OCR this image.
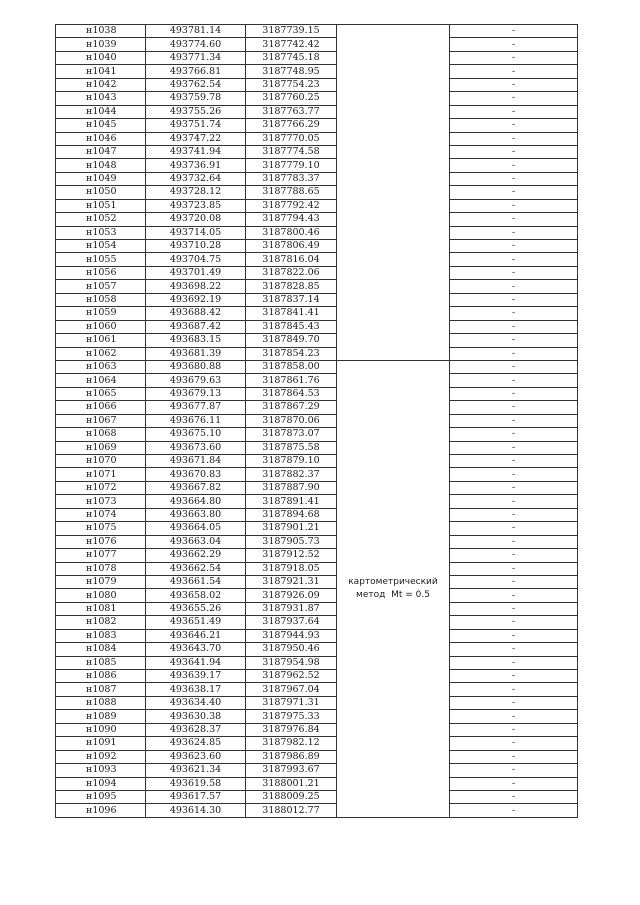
н1038	493781.14	3187739.15		-
н1039	493774.60	3187742.42		-
н1040	493771.34	3187745.18		-
н1041	493766.81	3187748.95		-
н1042	493762.54	3187754.23		-
н1043	493759.78	3187760.25		-
н1044	493755.26	3187763.77		-
н1045	493751.74	3187766.29		-
н1046	493747.22	3187770.05		-
н1047	493741.94	3187774.58		-
н1048	493736.91	3187779.10		-
н1049	493732.64	3187783.37		-
н1050	493728.12	3187788.65		-
н1051	493723.85	3187792.42		-
н1052	493720.08	3187794.43		-
н1053	493714.05	3187800.46		-
н1054	493710.28	3187806.49		-
н1055	493704.75	3187816.04		-
н1056	493701.49	3187822.06		-
н1057	493698.22	3187828.85		-
н1058	493692.19	3187837.14		-
н1059	493688.42	3187841.41		-
н1060	493687.42	3187845.43		-
н1061	493683.15	3187849.70		-
н1062	493681.39	3187854.23		-
н1063	493680.88	3187858.00	картометрический
метод  Mt = 0.5	-
н1064	493679.63	3187861.76		-
н1065	493679.13	3187864.53		-
н1066	493677.87	3187867.29		-
н1067	493676.11	3187870.06		-
н1068	493675.10	3187873.07		-
н1069	493673.60	3187875.58		-
н1070	493671.84	3187879.10		-
н1071	493670.83	3187882.37		-
н1072	493667.82	3187887.90		-
н1073	493664.80	3187891.41		-
н1074	493663.80	3187894.68		-
н1075	493664.05	3187901.21		-
н1076	493663.04	3187905.73		-
н1077	493662.29	3187912.52		-
н1078	493662.54	3187918.05		-
н1079	493661.54	3187921.31		-
н1080	493658.02	3187926.09		-
н1081	493655.26	3187931.87		-
н1082	493651.49	3187937.64		-
н1083	493646.21	3187944.93		-
н1084	493643.70	3187950.46		-
н1085	493641.94	3187954.98		-
н1086	493639.17	3187962.52		-
н1087	493638.17	3187967.04		-
н1088	493634.40	3187971.31		-
н1089	493630.38	3187975.33		-
н1090	493628.37	3187976.84		-
н1091	493624.85	3187982.12		-
н1092	493623.60	3187986.89		-
н1093	493621.34	3187993.67		-
н1094	493619.58	3188001.21		-
н1095	493617.57	3188009.25		-
н1096	493614.30	3188012.77		-
